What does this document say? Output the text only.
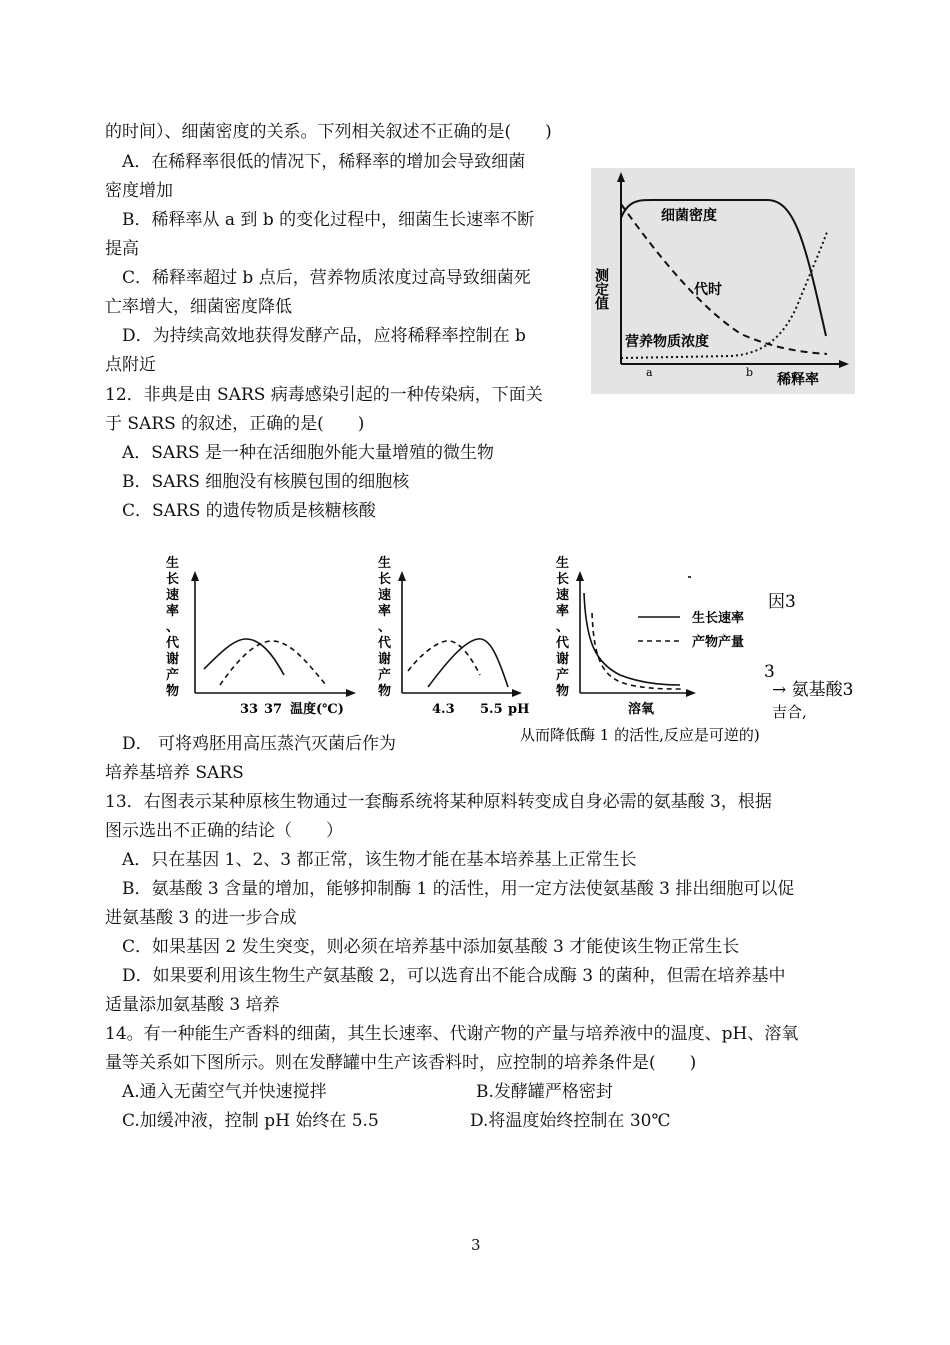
的时间）、细菌密度的关系。下列相关叙述不正确的是(　　)
A．在稀释率很低的情况下，稀释率的增加会导致细菌
密度增加
B．稀释率从 a 到 b 的变化过程中，细菌生长速率不断
提高
C．稀释率超过 b 点后，营养物质浓度过高导致细菌死
亡率增大，细菌密度降低
D．为持续高效地获得发酵产品，应将稀释率控制在 b
点附近
细菌密度
代时
营养物质浓度
测定值
a	b 稀释率
12．非典是由 SARS 病毒感染引起的一种传染病，下面关
于 SARS 的叙述，正确的是(　　)
A．SARS 是一种在活细胞外能大量增殖的微生物
B．SARS 细胞没有核膜包围的细胞核
C．SARS 的遗传物质是核糖核酸
生
长
速
率
、
代
谢
产
物
33 37 温度(℃)
生
长
速
率
、
代
谢
产
物
4.3 5.5 pH
生
长
速
率
、
代
谢
产
物
溶氧
生长速率
产物产量
因3
3
→ 氨基酸3
吉合,
从而降低酶 1 的活性,反应是可逆的)
D． 可将鸡胚用高压蒸汽灭菌后作为
培养基培养 SARS
13．右图表示某种原核生物通过一套酶系统将某种原料转变成自身必需的氨基酸 3，根据
图示选出不正确的结论（　　）
A．只在基因 1、2、3 都正常，该生物才能在基本培养基上正常生长
B．氨基酸 3 含量的增加，能够抑制酶 1 的活性，用一定方法使氨基酸 3 排出细胞可以促
进氨基酸 3 的进一步合成
C．如果基因 2 发生突变，则必须在培养基中添加氨基酸 3 才能使该生物正常生长
D．如果要利用该生物生产氨基酸 2，可以选育出不能合成酶 3 的菌种，但需在培养基中
适量添加氨基酸 3 培养
14。有一种能生产香料的细菌，其生长速率、代谢产物的产量与培养液中的温度、pH、溶氧
量等关系如下图所示。则在发酵罐中生产该香料时，应控制的培养条件是(　　)
A.通入无菌空气并快速搅拌	B.发酵罐严格密封
C.加缓冲液，控制 pH 始终在 5.5	D.将温度始终控制在 30℃
3
